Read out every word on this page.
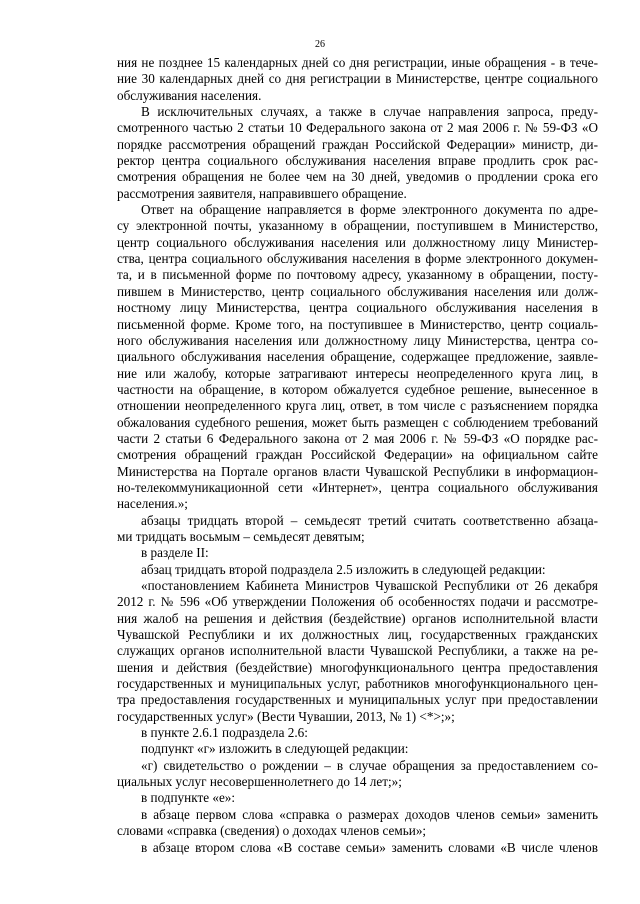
26
ния не позднее 15 календарных дней со дня регистрации, иные обращения - в тече-
ние 30 календарных дней со дня регистрации в Министерстве, центре социального
обслуживания населения.
В исключительных случаях, а также в случае направления запроса, преду-
смотренного частью 2 статьи 10 Федерального закона от 2 мая 2006 г. № 59-ФЗ «О
порядке рассмотрения обращений граждан Российской Федерации» министр, ди-
ректор центра социального обслуживания населения вправе продлить срок рас-
смотрения обращения не более чем на 30 дней, уведомив о продлении срока его
рассмотрения заявителя, направившего обращение.
Ответ на обращение направляется в форме электронного документа по адре-
су электронной почты, указанному в обращении, поступившем в Министерство,
центр социального обслуживания населения или должностному лицу Министер-
ства, центра социального обслуживания населения в форме электронного докумен-
та, и в письменной форме по почтовому адресу, указанному в обращении, посту-
пившем в Министерство, центр социального обслуживания населения или долж-
ностному лицу Министерства, центра социального обслуживания населения в
письменной форме. Кроме того, на поступившее в Министерство, центр социаль-
ного обслуживания населения или должностному лицу Министерства, центра со-
циального обслуживания населения обращение, содержащее предложение, заявле-
ние или жалобу, которые затрагивают интересы неопределенного круга лиц, в
частности на обращение, в котором обжалуется судебное решение, вынесенное в
отношении неопределенного круга лиц, ответ, в том числе с разъяснением порядка
обжалования судебного решения, может быть размещен с соблюдением требований
части 2 статьи 6 Федерального закона от 2 мая 2006 г. № 59-ФЗ «О порядке рас-
смотрения обращений граждан Российской Федерации» на официальном сайте
Министерства на Портале органов власти Чувашской Республики в информацион-
но-телекоммуникационной сети «Интернет», центра социального обслуживания
населения.»;
абзацы тридцать второй – семьдесят третий считать соответственно абзаца-
ми тридцать восьмым – семьдесят девятым;
в разделе II:
абзац тридцать второй подраздела 2.5 изложить в следующей редакции:
«постановлением Кабинета Министров Чувашской Республики от 26 декабря
2012 г. № 596 «Об утверждении Положения об особенностях подачи и рассмотре-
ния жалоб на решения и действия (бездействие) органов исполнительной власти
Чувашской Республики и их должностных лиц, государственных гражданских
служащих органов исполнительной власти Чувашской Республики, а также на ре-
шения и действия (бездействие) многофункционального центра предоставления
государственных и муниципальных услуг, работников многофункционального цен-
тра предоставления государственных и муниципальных услуг при предоставлении
государственных услуг» (Вести Чувашии, 2013, № 1) <*>;»;
в пункте 2.6.1 подраздела 2.6:
подпункт «г» изложить в следующей редакции:
«г) свидетельство о рождении – в случае обращения за предоставлением со-
циальных услуг несовершеннолетнего до 14 лет;»;
в подпункте «е»:
в абзаце первом слова «справка о размерах доходов членов семьи» заменить
словами «справка (сведения) о доходах членов семьи»;
в абзаце втором слова «В составе семьи» заменить словами «В числе членов
